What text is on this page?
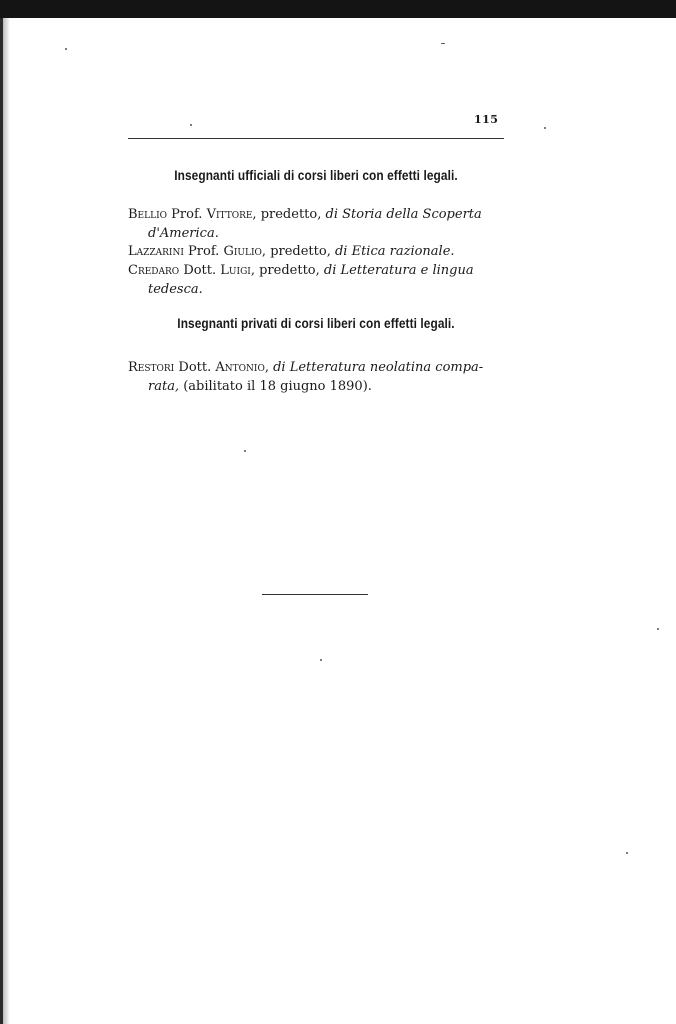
115
Insegnanti ufficiali di corsi liberi con effetti legali.
Bellio Prof. Vittore, predetto, di Storia della Scoperta
d'America.
Lazzarini Prof. Giulio, predetto, di Etica razionale.
Credaro Dott. Luigi, predetto, di Letteratura e lingua
tedesca.
Insegnanti privati di corsi liberi con effetti legali.
Restori Dott. Antonio, di Letteratura neolatina compa-
rata, (abilitato il 18 giugno 1890).
